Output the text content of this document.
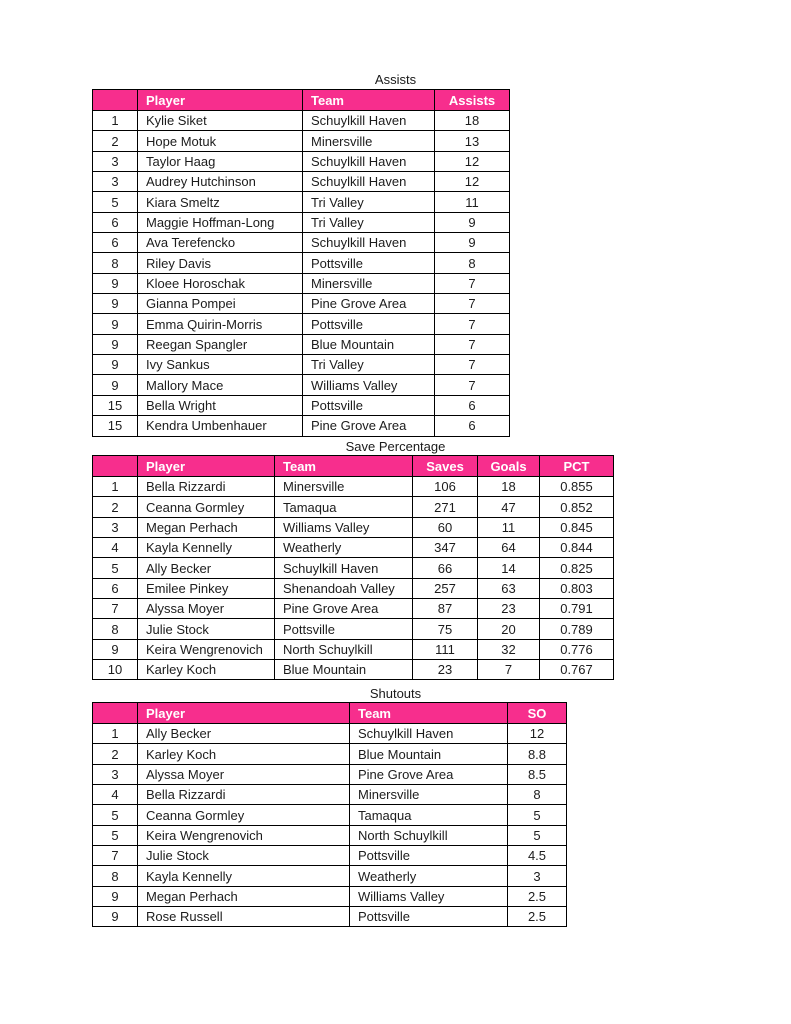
Assists
	Player	Team	Assists
1	Kylie Siket	Schuylkill Haven	18
2	Hope Motuk	Minersville	13
3	Taylor Haag	Schuylkill Haven	12
3	Audrey Hutchinson	Schuylkill Haven	12
5	Kiara Smeltz	Tri Valley	11
6	Maggie Hoffman-Long	Tri Valley	9
6	Ava Terefencko	Schuylkill Haven	9
8	Riley Davis	Pottsville	8
9	Kloee Horoschak	Minersville	7
9	Gianna Pompei	Pine Grove Area	7
9	Emma Quirin-Morris	Pottsville	7
9	Reegan Spangler	Blue Mountain	7
9	Ivy Sankus	Tri Valley	7
9	Mallory Mace	Williams Valley	7
15	Bella Wright	Pottsville	6
15	Kendra Umbenhauer	Pine Grove Area	6
Save Percentage
	Player	Team	Saves	Goals	PCT
1	Bella Rizzardi	Minersville	106	18	0.855
2	Ceanna Gormley	Tamaqua	271	47	0.852
3	Megan Perhach	Williams Valley	60	11	0.845
4	Kayla Kennelly	Weatherly	347	64	0.844
5	Ally Becker	Schuylkill Haven	66	14	0.825
6	Emilee Pinkey	Shenandoah Valley	257	63	0.803
7	Alyssa Moyer	Pine Grove Area	87	23	0.791
8	Julie Stock	Pottsville	75	20	0.789
9	Keira Wengrenovich	North Schuylkill	111	32	0.776
10	Karley Koch	Blue Mountain	23	7	0.767
Shutouts
	Player	Team	SO
1	Ally Becker	Schuylkill Haven	12
2	Karley Koch	Blue Mountain	8.8
3	Alyssa Moyer	Pine Grove Area	8.5
4	Bella Rizzardi	Minersville	8
5	Ceanna Gormley	Tamaqua	5
5	Keira Wengrenovich	North Schuylkill	5
7	Julie Stock	Pottsville	4.5
8	Kayla Kennelly	Weatherly	3
9	Megan Perhach	Williams Valley	2.5
9	Rose Russell	Pottsville	2.5
